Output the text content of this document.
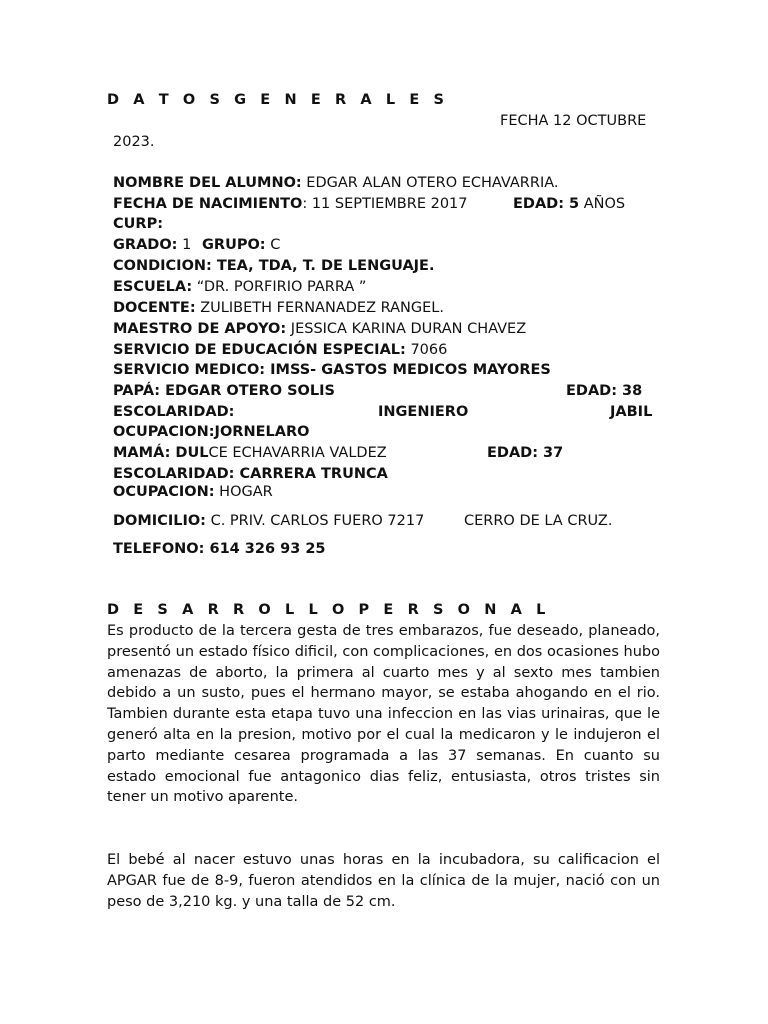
D A T O S G E N E R A L E S
FECHA 12 OCTUBRE
2023.
NOMBRE DEL ALUMNO: EDGAR ALAN OTERO ECHAVARRIA.
FECHA DE NACIMIENTO: 11 SEPTIEMBRE 2017	EDAD: 5 AÑOS
CURP:
GRADO: 1 GRUPO: C
CONDICION: TEA, TDA, T. DE LENGUAJE.
ESCUELA: “DR. PORFIRIO PARRA ”
DOCENTE: ZULIBETH FERNANADEZ RANGEL.
MAESTRO DE APOYO: JESSICA KARINA DURAN CHAVEZ
SERVICIO DE EDUCACIÓN ESPECIAL: 7066
SERVICIO MEDICO: IMSS- GASTOS MEDICOS MAYORES
PAPÁ: EDGAR OTERO SOLIS	EDAD: 38
ESCOLARIDAD:	INGENIERO	JABIL
OCUPACION:JORNELARO
MAMÁ: DULCE ECHAVARRIA VALDEZ	EDAD: 37
ESCOLARIDAD: CARRERA TRUNCA
OCUPACION: HOGAR
DOMICILIO: C. PRIV. CARLOS FUERO 7217	CERRO DE LA CRUZ.
TELEFONO: 614 326 93 25
D E S A R R O L L O P E R S O N A L
Es producto de la tercera gesta de tres embarazos, fue deseado, planeado, presentó un estado físico dificil, con complicaciones, en dos ocasiones hubo amenazas de aborto, la primera al cuarto mes y al sexto mes tambien debido a un susto, pues el hermano mayor, se estaba ahogando en el rio. Tambien durante esta etapa tuvo una infeccion en las vias urinairas, que le generó alta en la presion, motivo por el cual la medicaron y le indujeron el parto mediante cesarea programada a las 37 semanas. En cuanto su estado emocional fue antagonico dias feliz, entusiasta, otros tristes sin tener un motivo aparente.
El bebé al nacer estuvo unas horas en la incubadora, su calificacion el APGAR fue de 8-9, fueron atendidos en la clínica de la mujer, nació con un peso de 3,210 kg. y una talla de 52 cm.
